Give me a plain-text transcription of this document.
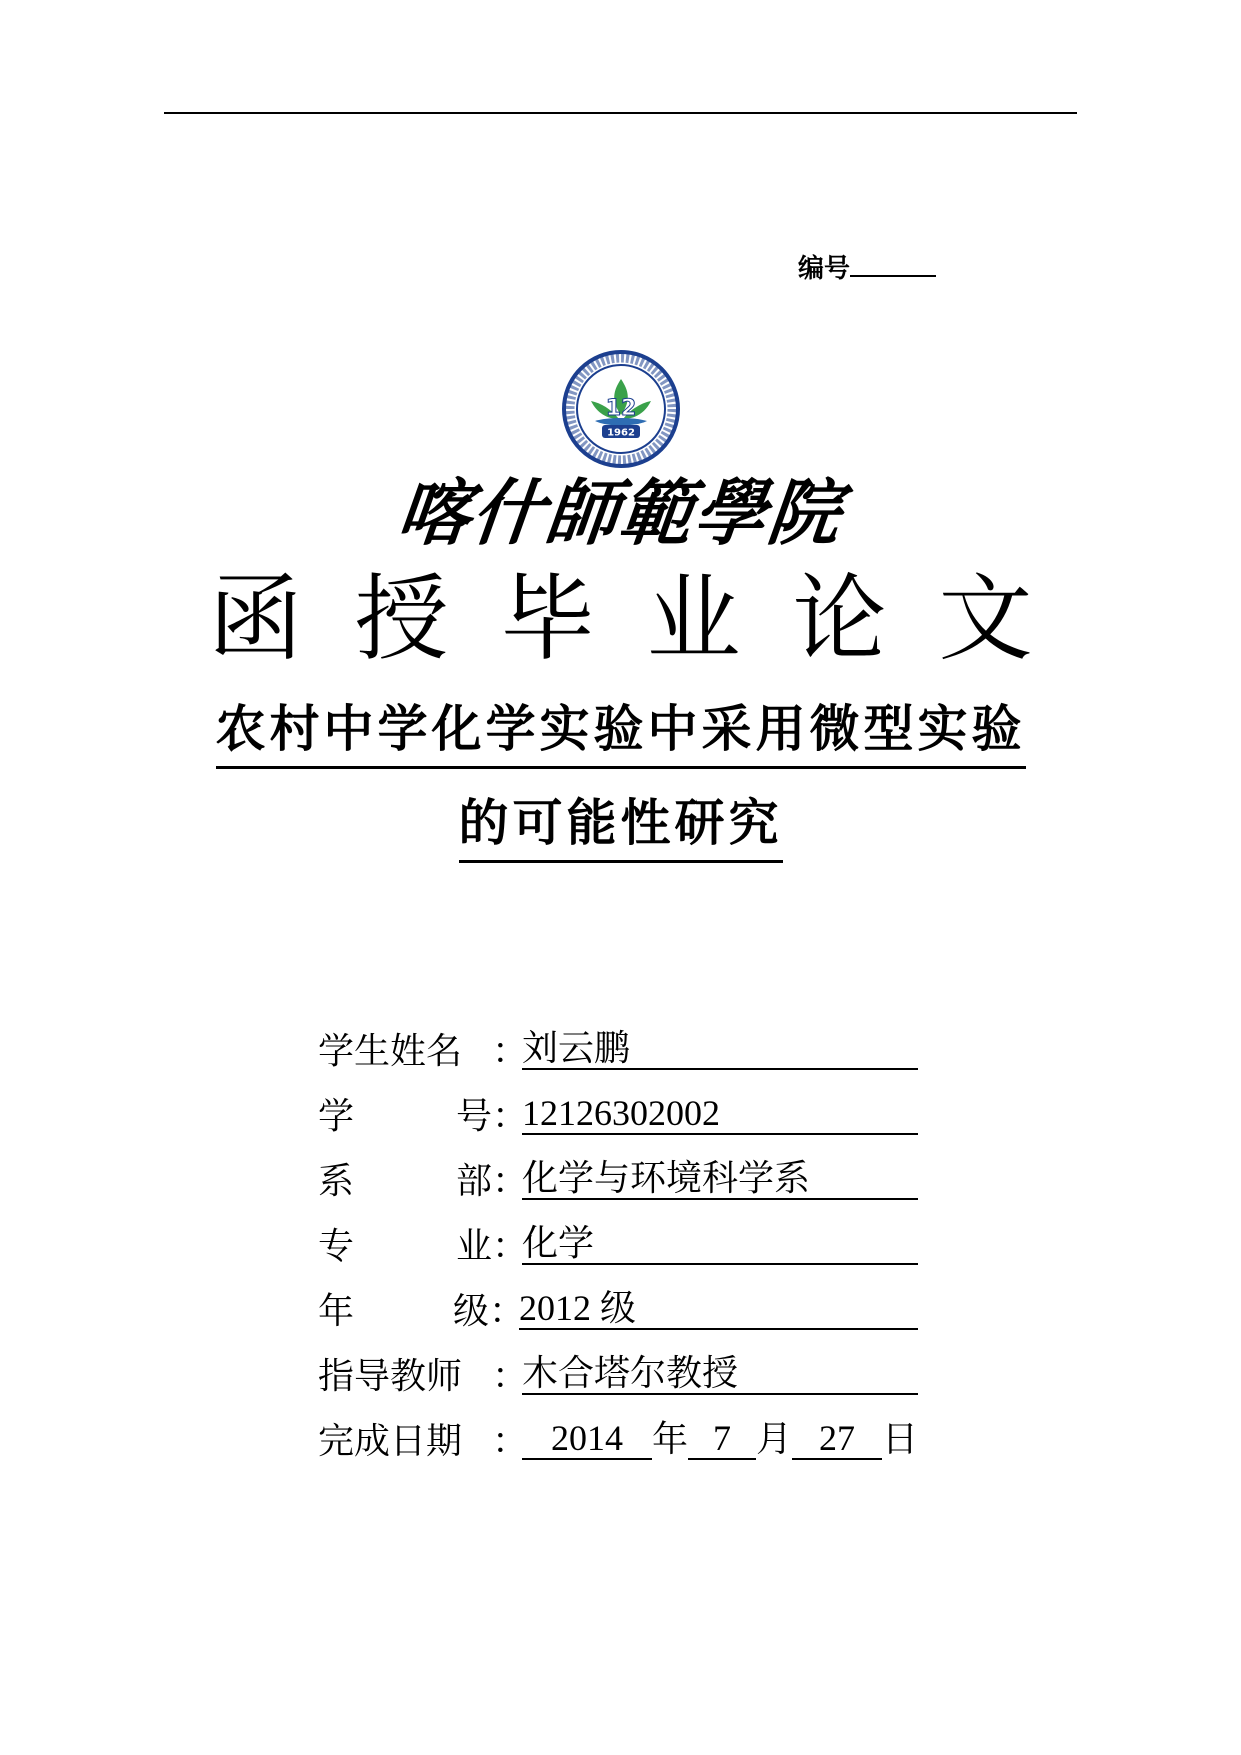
编号
12
1962
喀什師範學院
函授毕业论文
农村中学化学实验中采用微型实验
的可能性研究
学生姓名 ：
刘云鹏
学	号 ：
12126302002
系	部 ：
化学与环境科学系
专	业 ：
化学
年	级 ：
2012 级
指导教师 ：
木合塔尔教授
完成日期 ： 2014 年 7 月 27 日
